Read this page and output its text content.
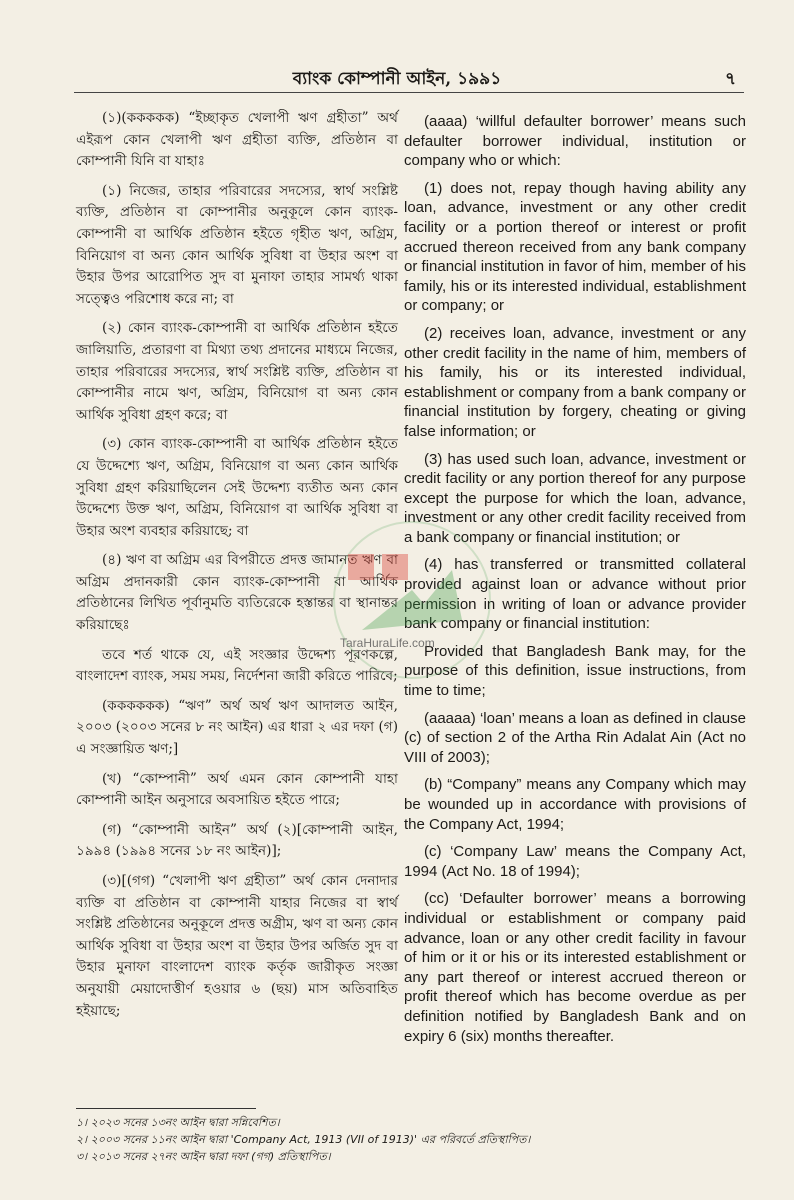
ব্যাংক কোম্পানী আইন, ১৯৯১	৭

(১)(ককককক) “ইচ্ছাকৃত খেলাপী ঋণ গ্রহীতা” অর্থ এইরূপ কোন খেলাপী ঋণ গ্রহীতা ব্যক্তি, প্রতিষ্ঠান বা কোম্পানী যিনি বা যাহাঃ

(১) নিজের, তাহার পরিবারের সদস্যের, স্বার্থ সংশ্লিষ্ট ব্যক্তি, প্রতিষ্ঠান বা কোম্পানীর অনুকূলে কোন ব্যাংক-কোম্পানী বা আর্থিক প্রতিষ্ঠান হইতে গৃহীত ঋণ, অগ্রিম, বিনিয়োগ বা অন্য কোন আর্থিক সুবিধা বা উহার অংশ বা উহার উপর আরোপিত সুদ বা মুনাফা তাহার সামর্থ্য থাকা সত্ত্বেও পরিশোধ করে না; বা

(২) কোন ব্যাংক-কোম্পানী বা আর্থিক প্রতিষ্ঠান হইতে জালিয়াতি, প্রতারণা বা মিথ্যা তথ্য প্রদানের মাধ্যমে নিজের, তাহার পরিবারের সদস্যের, স্বার্থ সংশ্লিষ্ট ব্যক্তি, প্রতিষ্ঠান বা কোম্পানীর নামে ঋণ, অগ্রিম, বিনিয়োগ বা অন্য কোন আর্থিক সুবিধা গ্রহণ করে; বা

(৩) কোন ব্যাংক-কোম্পানী বা আর্থিক প্রতিষ্ঠান হইতে যে উদ্দেশ্যে ঋণ, অগ্রিম, বিনিয়োগ বা অন্য কোন আর্থিক সুবিধা গ্রহণ করিয়াছিলেন সেই উদ্দেশ্য ব্যতীত অন্য কোন উদ্দেশ্যে উক্ত ঋণ, অগ্রিম, বিনিয়োগ বা আর্থিক সুবিধা বা উহার অংশ ব্যবহার করিয়াছে; বা

(৪) ঋণ বা অগ্রিম এর বিপরীতে প্রদত্ত জামানত ঋণ বা অগ্রিম প্রদানকারী কোন ব্যাংক-কোম্পানী বা আর্থিক প্রতিষ্ঠানের লিখিত পূর্বানুমতি ব্যতিরেকে হস্তান্তর বা স্থানান্তর করিয়াছেঃ

তবে শর্ত থাকে যে, এই সংজ্ঞার উদ্দেশ্য পূরণকল্পে, বাংলাদেশ ব্যাংক, সময় সময়, নির্দেশনা জারী করিতে পারিবে;

(কককককক) “ঋণ” অর্থ অর্থ ঋণ আদালত আইন, ২০০৩ (২০০৩ সনের ৮ নং আইন) এর ধারা ২ এর দফা (গ) এ সংজ্ঞায়িত ঋণ;]

(খ) “কোম্পানী” অর্থ এমন কোন কোম্পানী যাহা কোম্পানী আইন অনুসারে অবসায়িত হইতে পারে;

(গ) “কোম্পানী আইন” অর্থ (২)[কোম্পানী আইন, ১৯৯৪ (১৯৯৪ সনের ১৮ নং আইন)];

(৩)[(গগ) “খেলাপী ঋণ গ্রহীতা” অর্থ কোন দেনাদার ব্যক্তি বা প্রতিষ্ঠান বা কোম্পানী যাহার নিজের বা স্বার্থ সংশ্লিষ্ট প্রতিষ্ঠানের অনুকূলে প্রদত্ত অগ্রীম, ঋণ বা অন্য কোন আর্থিক সুবিধা বা উহার অংশ বা উহার উপর অর্জিত সুদ বা উহার মুনাফা বাংলাদেশ ব্যাংক কর্তৃক জারীকৃত সংজ্ঞা অনুযায়ী মেয়াদোত্তীর্ণ হওয়ার ৬ (ছয়) মাস অতিবাহিত হইয়াছে;

(aaaa) ‘willful defaulter borrower’ means such defaulter borrower individual, institution or company who or which:

(1) does not, repay though having ability any loan, advance, investment or any other credit facility or a portion thereof or interest or profit accrued thereon received from any bank company or financial institution in favor of him, member of his family, his or its interested individual, establishment or company; or

(2) receives loan, advance, investment or any other credit facility in the name of him, members of his family, his or its interested individual, establishment or company from a bank company or financial institution by forgery, cheating or giving false information; or

(3) has used such loan, advance, investment or credit facility or any portion thereof for any purpose except the purpose for which the loan, advance, investment or any other credit facility received from a bank company or financial institution; or

(4) has transferred or transmitted collateral provided against loan or advance without prior permission in writing of loan or advance provider bank company or financial institution:

Provided that Bangladesh Bank may, for the purpose of this definition, issue instructions, from time to time;

(aaaaa) ‘loan’ means a loan as defined in clause (c) of section 2 of the Artha Rin Adalat Ain (Act no VIII of 2003);

(b) “Company” means any Company which may be wounded up in accordance with provisions of the Company Act, 1994;

(c) ‘Company Law’ means the Company Act, 1994 (Act No. 18 of 1994);

(cc) ‘Defaulter borrower’ means a borrowing individual or establishment or company paid advance, loan or any other credit facility in favour of him or it or his or its interested establishment or any part thereof or interest accrued thereon or profit thereof which has become overdue as per definition notified by Bangladesh Bank and on expiry 6 (six) months thereafter.

TaraHuraLife.com
১। ২০২৩ সনের ১৩নং আইন দ্বারা সন্নিবেশিত।
২। ২০০৩ সনের ১১নং আইন দ্বারা 'Company Act, 1913 (VII of 1913)' এর পরিবর্তে প্রতিস্থাপিত।
৩। ২০১৩ সনের ২৭নং আইন দ্বারা দফা (গগ) প্রতিস্থাপিত।
